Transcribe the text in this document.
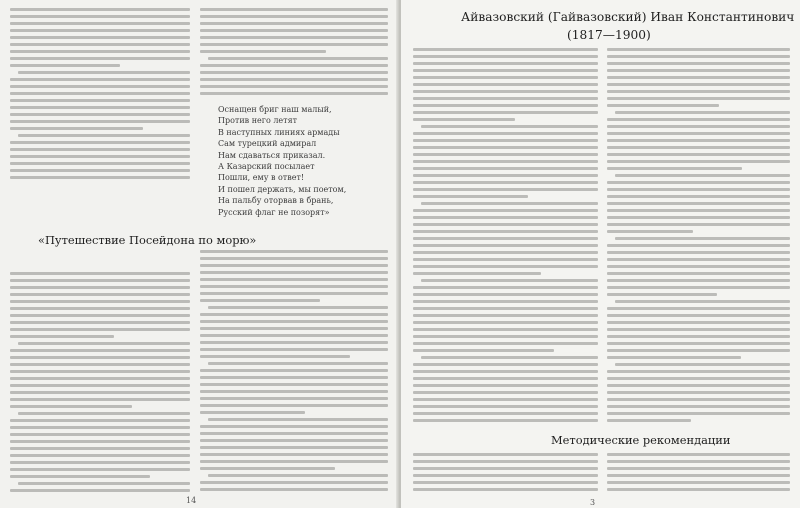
Оснащен бриг наш малый,
Против него летят
В наступных линиях армады
Сам турецкий адмирал
Нам сдаваться приказал.
А Казарский посылает
Пошли, ему в ответ!
И пошел держать, мы поетом,
На пальбу оторвав в брань,
Русский флаг не позорят»
«Путешествие Посейдона по морю»
14
Айвазовский (Гайвазовский) Иван Константинович
(1817—1900)
Методические рекомендации
3
